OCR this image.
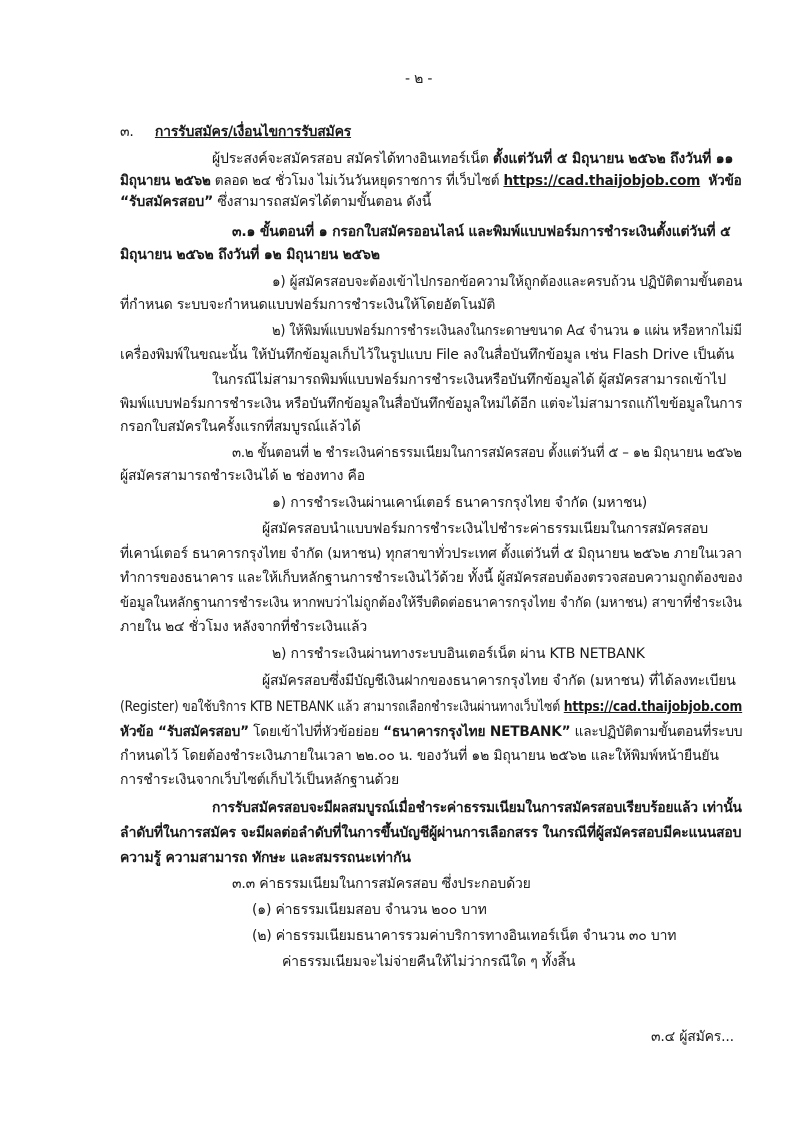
- ๒ -
๓. การรับสมัคร/เงื่อนไขการรับสมัคร
ผู้ประสงค์จะสมัครสอบ สมัครได้ทางอินเทอร์เน็ต ตั้งแต่วันที่ ๕ มิถุนายน ๒๕๖๒ ถึงวันที่ ๑๑
มิถุนายน ๒๕๖๒ ตลอด ๒๔ ชั่วโมง ไม่เว้นวันหยุดราชการ ที่เว็บไซต์ https://cad.thaijobjob.com หัวข้อ
“รับสมัครสอบ” ซึ่งสามารถสมัครได้ตามขั้นตอน ดังนี้
๓.๑ ขั้นตอนที่ ๑ กรอกใบสมัครออนไลน์ และพิมพ์แบบฟอร์มการชำระเงินตั้งแต่วันที่ ๕
มิถุนายน ๒๕๖๒ ถึงวันที่ ๑๒ มิถุนายน ๒๕๖๒
๑) ผู้สมัครสอบจะต้องเข้าไปกรอกข้อความให้ถูกต้องและครบถ้วน ปฏิบัติตามขั้นตอน
ที่กำหนด ระบบจะกำหนดแบบฟอร์มการชำระเงินให้โดยอัตโนมัติ
๒) ให้พิมพ์แบบฟอร์มการชำระเงินลงในกระดาษขนาด A๔ จำนวน ๑ แผ่น หรือหากไม่มี
เครื่องพิมพ์ในขณะนั้น ให้บันทึกข้อมูลเก็บไว้ในรูปแบบ File ลงในสื่อบันทึกข้อมูล เช่น Flash Drive เป็นต้น
ในกรณีไม่สามารถพิมพ์แบบฟอร์มการชำระเงินหรือบันทึกข้อมูลได้ ผู้สมัครสามารถเข้าไป
พิมพ์แบบฟอร์มการชำระเงิน หรือบันทึกข้อมูลในสื่อบันทึกข้อมูลใหม่ได้อีก แต่จะไม่สามารถแก้ไขข้อมูลในการ
กรอกใบสมัครในครั้งแรกที่สมบูรณ์แล้วได้
๓.๒ ขั้นตอนที่ ๒ ชำระเงินค่าธรรมเนียมในการสมัครสอบ ตั้งแต่วันที่ ๕ – ๑๒ มิถุนายน ๒๕๖๒
ผู้สมัครสามารถชำระเงินได้ ๒ ช่องทาง คือ
๑) การชำระเงินผ่านเคาน์เตอร์ ธนาคารกรุงไทย จำกัด (มหาชน)
ผู้สมัครสอบนำแบบฟอร์มการชำระเงินไปชำระค่าธรรมเนียมในการสมัครสอบ
ที่เคาน์เตอร์ ธนาคารกรุงไทย จำกัด (มหาชน) ทุกสาขาทั่วประเทศ ตั้งแต่วันที่ ๕ มิถุนายน ๒๕๖๒ ภายในเวลา
ทำการของธนาคาร และให้เก็บหลักฐานการชำระเงินไว้ด้วย ทั้งนี้ ผู้สมัครสอบต้องตรวจสอบความถูกต้องของ
ข้อมูลในหลักฐานการชำระเงิน หากพบว่าไม่ถูกต้องให้รีบติดต่อธนาคารกรุงไทย จำกัด (มหาชน) สาขาที่ชำระเงิน
ภายใน ๒๔ ชั่วโมง หลังจากที่ชำระเงินแล้ว
๒) การชำระเงินผ่านทางระบบอินเตอร์เน็ต ผ่าน KTB NETBANK
ผู้สมัครสอบซึ่งมีบัญชีเงินฝากของธนาคารกรุงไทย จำกัด (มหาชน) ที่ได้ลงทะเบียน
(Register) ขอใช้บริการ KTB NETBANK แล้ว สามารถเลือกชำระเงินผ่านทางเว็บไซต์ https://cad.thaijobjob.com
หัวข้อ “รับสมัครสอบ” โดยเข้าไปที่หัวข้อย่อย “ธนาคารกรุงไทย NETBANK” และปฏิบัติตามขั้นตอนที่ระบบ
กำหนดไว้ โดยต้องชำระเงินภายในเวลา ๒๒.๐๐ น. ของวันที่ ๑๒ มิถุนายน ๒๕๖๒ และให้พิมพ์หน้ายืนยัน
การชำระเงินจากเว็บไซต์เก็บไว้เป็นหลักฐานด้วย
การรับสมัครสอบจะมีผลสมบูรณ์เมื่อชำระค่าธรรมเนียมในการสมัครสอบเรียบร้อยแล้ว เท่านั้น
ลำดับที่ในการสมัคร จะมีผลต่อลำดับที่ในการขึ้นบัญชีผู้ผ่านการเลือกสรร ในกรณีที่ผู้สมัครสอบมีคะแนนสอบ
ความรู้ ความสามารถ ทักษะ และสมรรถนะเท่ากัน
๓.๓ ค่าธรรมเนียมในการสมัครสอบ ซึ่งประกอบด้วย
(๑) ค่าธรรมเนียมสอบ จำนวน ๒๐๐ บาท
(๒) ค่าธรรมเนียมธนาคารรวมค่าบริการทางอินเทอร์เน็ต จำนวน ๓๐ บาท
ค่าธรรมเนียมจะไม่จ่ายคืนให้ไม่ว่ากรณีใด ๆ ทั้งสิ้น
๓.๔ ผู้สมัคร...
